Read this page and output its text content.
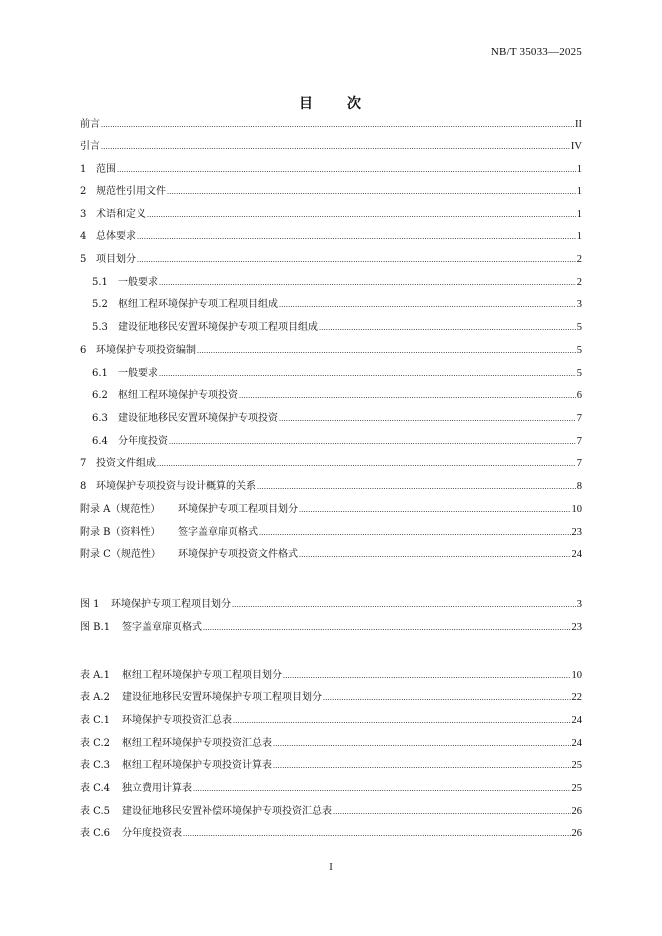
NB/T 35033—2025
目　　次
前言 .....	II
引言 .....	IV
1 范围 .....	1
2 规范性引用文件 .....	1
3 术语和定义 .....	1
4 总体要求 .....	1
5 项目划分 .....	2
5.1	一般要求 .....	2
5.2	枢纽工程环境保护专项工程项目组成 .....	3
5.3	建设征地移民安置环境保护专项工程项目组成 .....	5
6 环境保护专项投资编制 .....	5
6.1	一般要求 .....	5
6.2	枢纽工程环境保护专项投资 .....	6
6.3	建设征地移民安置环境保护专项投资 .....	7
6.4	分年度投资 .....	7
7 投资文件组成 .....	7
8 环境保护专项投资与设计概算的关系 .....	8
附录 A（规范性）	环境保护专项工程项目划分 .....	10
附录 B（资料性）	签字盖章扉页格式 .....	23
附录 C（规范性）	环境保护专项投资文件格式 .....	24
图 1	环境保护专项工程项目划分 .....	3
图 B.1	签字盖章扉页格式 .....	23
表 A.1	枢纽工程环境保护专项工程项目划分 .....	10
表 A.2	建设征地移民安置环境保护专项工程项目划分 .....	22
表 C.1	环境保护专项投资汇总表 .....	24
表 C.2	枢纽工程环境保护专项投资汇总表 .....	24
表 C.3	枢纽工程环境保护专项投资计算表 .....	25
表 C.4	独立费用计算表 .....	25
表 C.5	建设征地移民安置补偿环境保护专项投资汇总表 .....	26
表 C.6	分年度投资表 .....	26
I
